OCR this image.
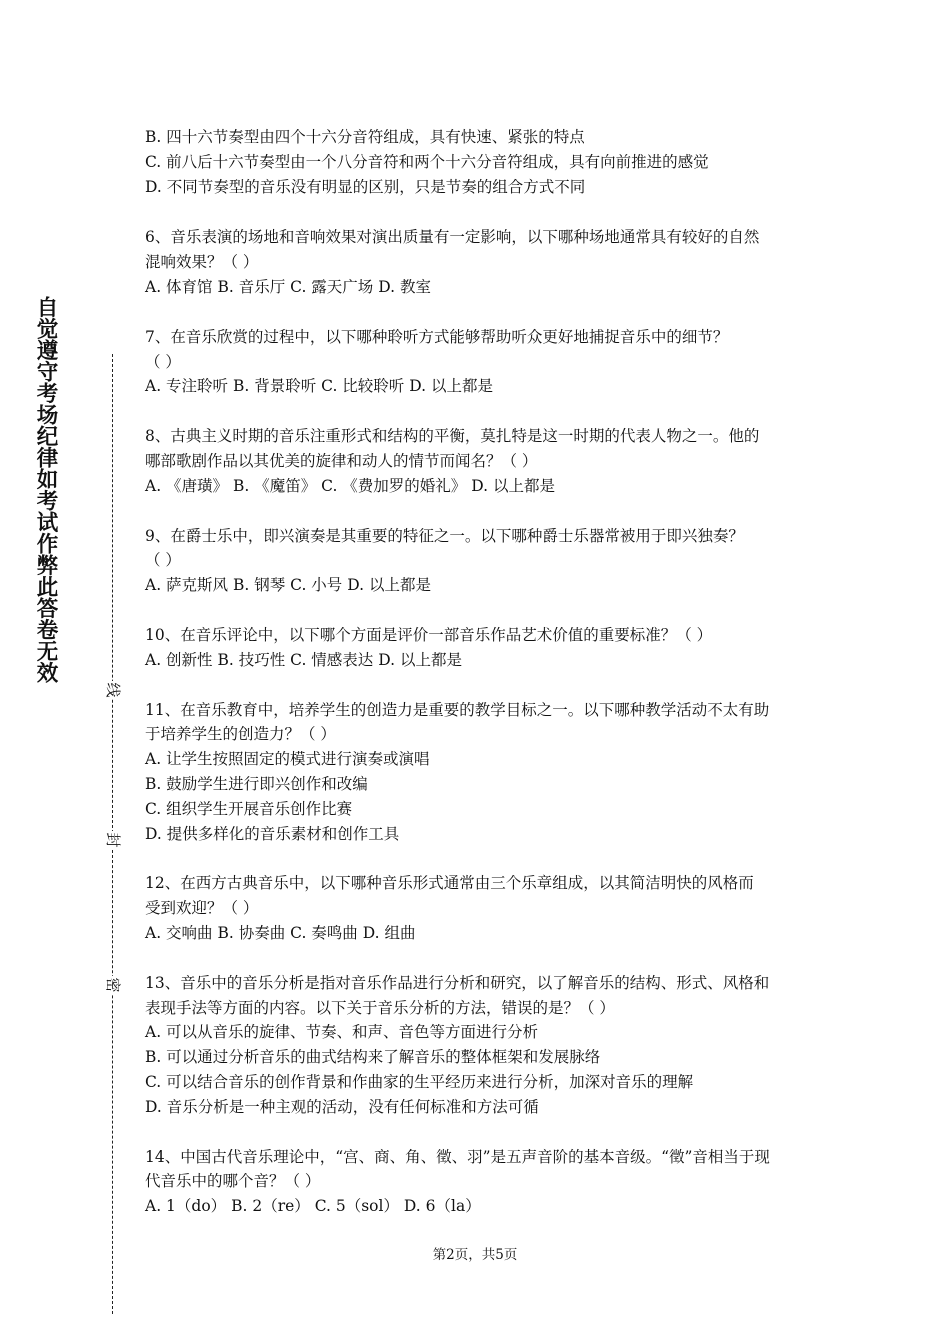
自觉遵守考场纪律如考试作弊此答卷无效
线
封
密
B. 四十六节奏型由四个十六分音符组成，具有快速、紧张的特点
C. 前八后十六节奏型由一个八分音符和两个十六分音符组成，具有向前推进的感觉
D. 不同节奏型的音乐没有明显的区别，只是节奏的组合方式不同
6、音乐表演的场地和音响效果对演出质量有一定影响，以下哪种场地通常具有较好的自然
混响效果？（ ）
A. 体育馆 B. 音乐厅 C. 露天广场 D. 教室
7、在音乐欣赏的过程中，以下哪种聆听方式能够帮助听众更好地捕捉音乐中的细节？
（ ）
A. 专注聆听 B. 背景聆听 C. 比较聆听 D. 以上都是
8、古典主义时期的音乐注重形式和结构的平衡，莫扎特是这一时期的代表人物之一。他的
哪部歌剧作品以其优美的旋律和动人的情节而闻名？（ ）
A. 《唐璜》 B. 《魔笛》 C. 《费加罗的婚礼》 D. 以上都是
9、在爵士乐中，即兴演奏是其重要的特征之一。以下哪种爵士乐器常被用于即兴独奏？
（ ）
A. 萨克斯风 B. 钢琴 C. 小号 D. 以上都是
10、在音乐评论中，以下哪个方面是评价一部音乐作品艺术价值的重要标准？（ ）
A. 创新性 B. 技巧性 C. 情感表达 D. 以上都是
11、在音乐教育中，培养学生的创造力是重要的教学目标之一。以下哪种教学活动不太有助
于培养学生的创造力？（ ）
A. 让学生按照固定的模式进行演奏或演唱
B. 鼓励学生进行即兴创作和改编
C. 组织学生开展音乐创作比赛
D. 提供多样化的音乐素材和创作工具
12、在西方古典音乐中，以下哪种音乐形式通常由三个乐章组成，以其简洁明快的风格而
受到欢迎？（ ）
A. 交响曲 B. 协奏曲 C. 奏鸣曲 D. 组曲
13、音乐中的音乐分析是指对音乐作品进行分析和研究，以了解音乐的结构、形式、风格和
表现手法等方面的内容。以下关于音乐分析的方法，错误的是？（ ）
A. 可以从音乐的旋律、节奏、和声、音色等方面进行分析
B. 可以通过分析音乐的曲式结构来了解音乐的整体框架和发展脉络
C. 可以结合音乐的创作背景和作曲家的生平经历来进行分析，加深对音乐的理解
D. 音乐分析是一种主观的活动，没有任何标准和方法可循
14、中国古代音乐理论中，“宫、商、角、徵、羽”是五声音阶的基本音级。“徵”音相当于现
代音乐中的哪个音？（ ）
A. 1（do） B. 2（re） C. 5（sol） D. 6（la）
第2页，共5页
